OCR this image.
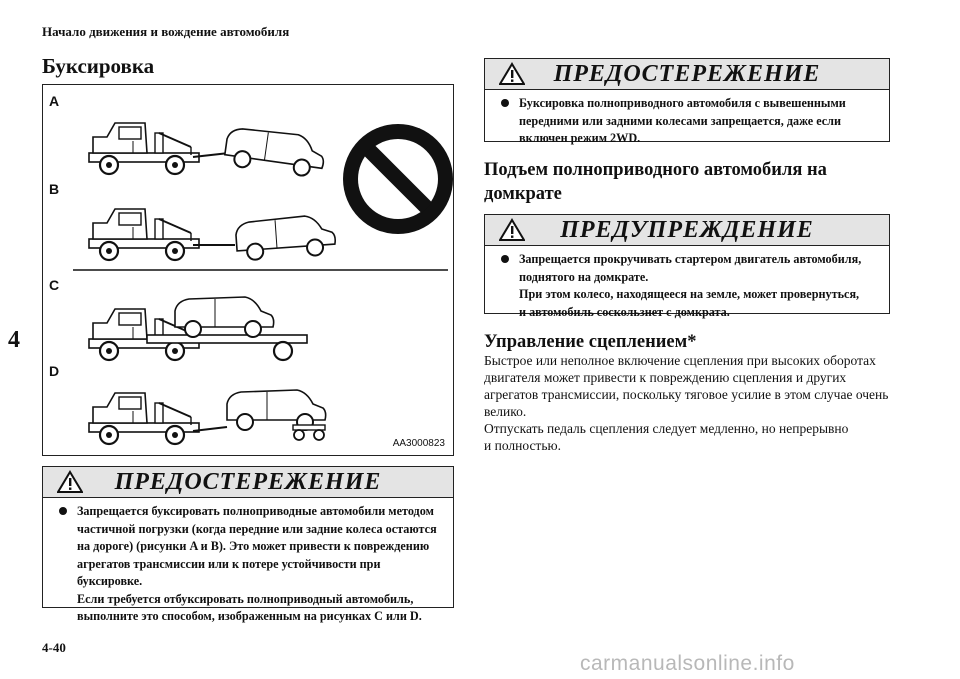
Начало движения и вождение автомобиля
Буксировка
4
4-40
carmanualsonline.info
A
B
C
D
AA3000823
ПРЕДОСТЕРЕЖЕНИЕ
Запрещается буксировать полноприводные автомобили методом
частичной погрузки (когда передние или задние колеса остаются
на дороге) (рисунки A и B). Это может привести к повреждению
агрегатов трансмиссии или к потере устойчивости при
буксировке.
Если требуется отбуксировать полноприводный автомобиль,
выполните это способом, изображенным на рисунках C или D.
ПРЕДОСТЕРЕЖЕНИЕ
Буксировка полноприводного автомобиля с вывешенными
передними или задними колесами запрещается, даже если
включен режим 2WD.
Подъем полноприводного автомобиля на
домкрате
ПРЕДУПРЕЖДЕНИЕ
Запрещается прокручивать стартером двигатель автомобиля,
поднятого на домкрате.
При этом колесо, находящееся на земле, может провернуться,
и автомобиль соскользнет с домкрата.
Управление сцеплением*
Быстрое или неполное включение сцепления при высоких оборотах
двигателя может привести к повреждению сцепления и других
агрегатов трансмиссии, поскольку тяговое усилие в этом случае очень
велико.
Отпускать педаль сцепления следует медленно, но непрерывно
и полностью.
